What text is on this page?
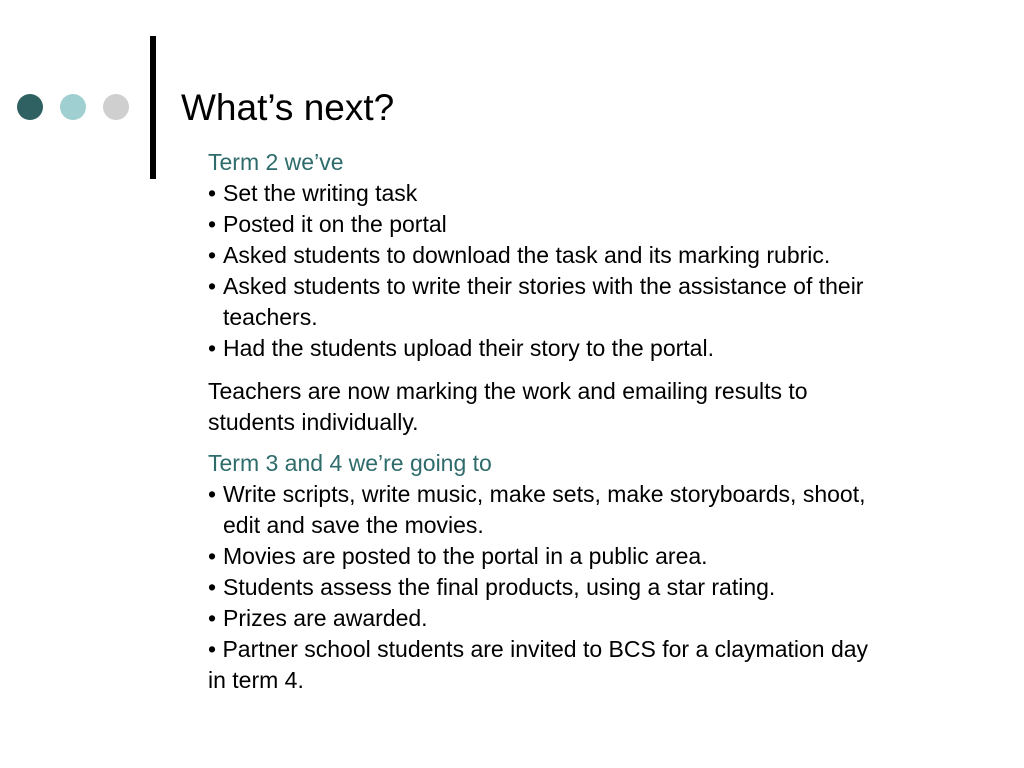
What’s next?
Term 2 we’ve
• Set the writing task
• Posted it on the portal
• Asked students to download the task and its marking rubric.
• Asked students to write their stories with the assistance of their teachers.
• Had the students upload their story to the portal.
Teachers are now marking the work and emailing results to students individually.
Term 3 and 4 we’re going to
• Write scripts, write music, make sets, make storyboards, shoot, edit and save the movies.
• Movies are posted to the portal in a public area.
• Students assess the final products, using a star rating.
• Prizes are awarded.
• Partner school students are invited to BCS for a claymation day in term 4.
